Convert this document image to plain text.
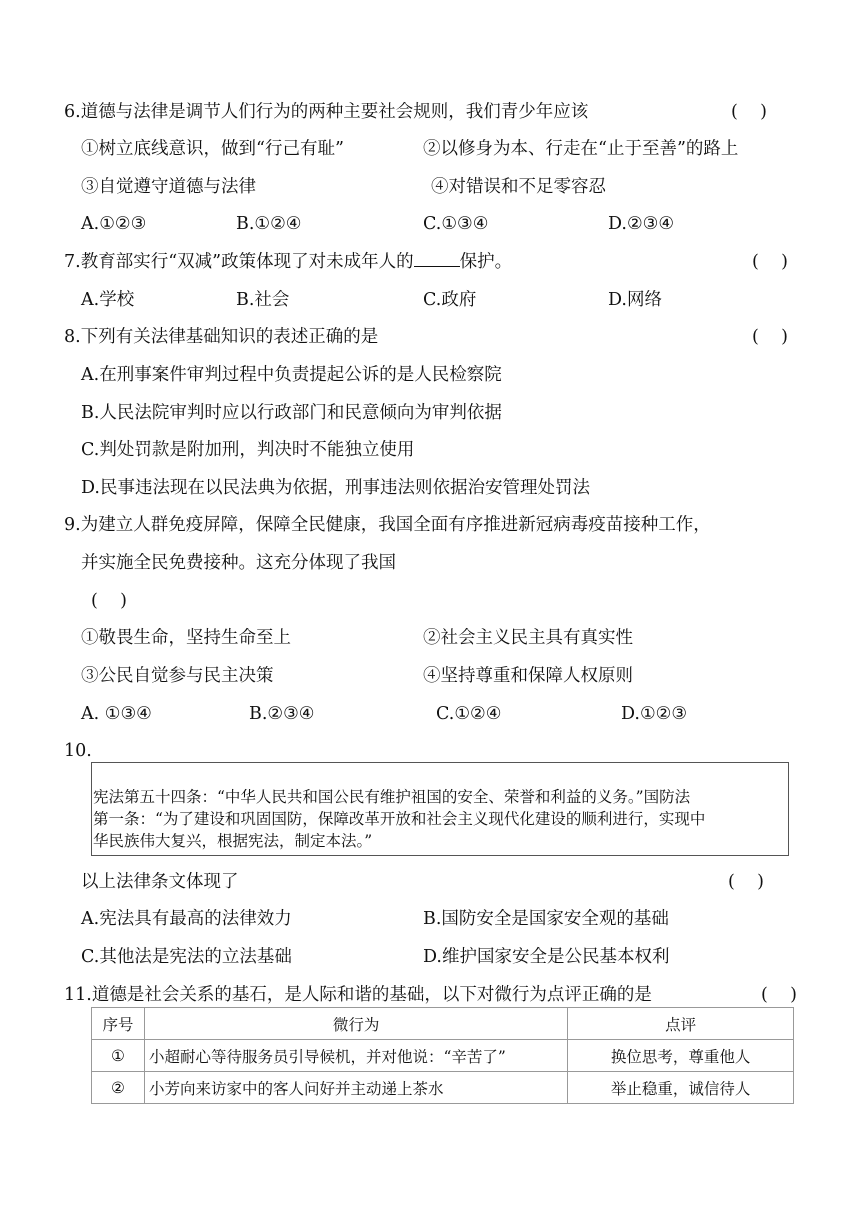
6.道德与法律是调节人们行为的两种主要社会规则，我们青少年应该	(    )
①树立底线意识，做到“行己有耻”	②以修身为本、行走在“止于至善”的路上
③自觉遵守道德与法律	④对错误和不足零容忍
A.①②③	B.①②④	C.①③④	D.②③④
7.教育部实行“双减”政策体现了对未成年人的	保护。	(    )
A.学校	B.社会	C.政府	D.网络
8.下列有关法律基础知识的表述正确的是	(    )
A.在刑事案件审判过程中负责提起公诉的是人民检察院
B.人民法院审判时应以行政部门和民意倾向为审判依据
C.判处罚款是附加刑，判决时不能独立使用
D.民事违法现在以民法典为依据，刑事违法则依据治安管理处罚法
9.为建立人群免疫屏障，保障全民健康，我国全面有序推进新冠病毒疫苗接种工作，
并实施全民免费接种。这充分体现了我国
(    )
①敬畏生命，坚持生命至上	②社会主义民主具有真实性
③公民自觉参与民主决策	④坚持尊重和保障人权原则
A. ①③④	B.②③④	C.①②④	D.①②③
10.
宪法第五十四条：“中华人民共和国公民有维护祖国的安全、荣誉和利益的义务。”国防法
第一条：“为了建设和巩固国防，保障改革开放和社会主义现代化建设的顺利进行，实现中
华民族伟大复兴，根据宪法，制定本法。”
以上法律条文体现了	(    )
A.宪法具有最高的法律效力	B.国防安全是国家安全观的基础
C.其他法是宪法的立法基础	D.维护国家安全是公民基本权利
11.道德是社会关系的基石，是人际和谐的基础，以下对微行为点评正确的是	(    )
序号	微行为	点评
①	小超耐心等待服务员引导候机，并对他说：“辛苦了”	换位思考，尊重他人
②	小芳向来访家中的客人问好并主动递上茶水	举止稳重，诚信待人
